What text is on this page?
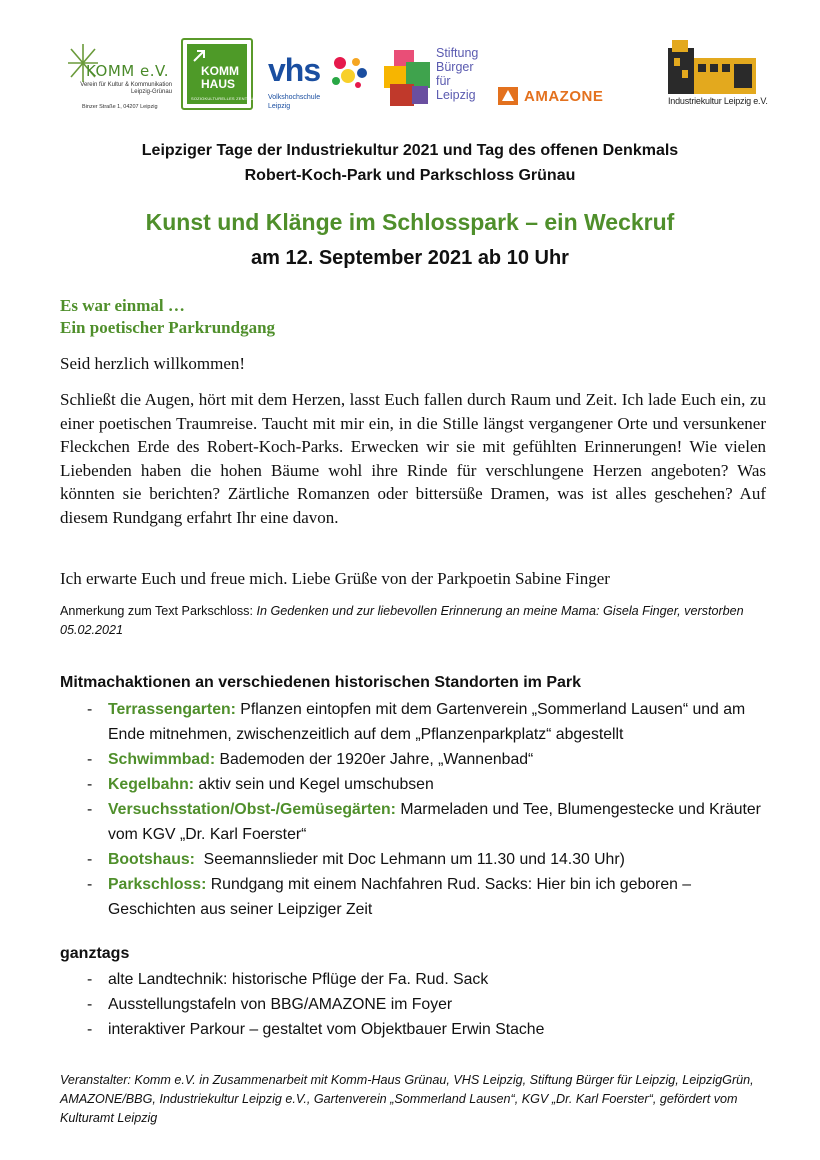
KOMM e.V.
Verein für Kultur & Kommunikation
Leipzig-Grünau
Binzer Straße 1, 04207 Leipzig
KOMM
HAUS
SOZIOKULTURELLES ZENTRUM
vhs
Volkshochschule
Leipzig
Stiftung
Bürger
für
Leipzig	AMAZONE	Industriekultur Leipzig e.V.
Leipziger Tage der Industriekultur 2021 und Tag des offenen Denkmals
Robert-Koch-Park und Parkschloss Grünau
Kunst und Klänge im Schlosspark – ein Weckruf
am 12. September 2021 ab 10 Uhr
Es war einmal …
Ein poetischer Parkrundgang
Seid herzlich willkommen!
Schließt die Augen, hört mit dem Herzen, lasst Euch fallen durch Raum und Zeit. Ich lade Euch ein, zu einer poetischen Traumreise. Taucht mit mir ein, in die Stille längst vergangener Orte und versunkener Fleckchen Erde des Robert-Koch-Parks. Erwecken wir sie mit gefühlten Erinnerungen! Wie vielen Liebenden haben die hohen Bäume wohl ihre Rinde für verschlungene Herzen angeboten? Was könnten sie berichten? Zärtliche Romanzen oder bittersüße Dramen, was ist alles geschehen? Auf diesem Rundgang erfahrt Ihr eine davon.
Ich erwarte Euch und freue mich. Liebe Grüße von der Parkpoetin Sabine Finger
Anmerkung zum Text Parkschloss: In Gedenken und zur liebevollen Erinnerung an meine Mama: Gisela Finger, verstorben 05.02.2021
Mitmachaktionen an verschiedenen historischen Standorten im Park
- Terrassengarten: Pflanzen eintopfen mit dem Gartenverein „Sommerland Lausen“ und am Ende mitnehmen, zwischenzeitlich auf dem „Pflanzenparkplatz“ abgestellt
- Schwimmbad: Bademoden der 1920er Jahre, „Wannenbad“
- Kegelbahn: aktiv sein und Kegel umschubsen
- Versuchsstation/Obst-/Gemüsegärten: Marmeladen und Tee, Blumengestecke und Kräuter vom KGV „Dr. Karl Foerster“
- Bootshaus:  Seemannslieder mit Doc Lehmann um 11.30 und 14.30 Uhr)
- Parkschloss: Rundgang mit einem Nachfahren Rud. Sacks: Hier bin ich geboren – Geschichten aus seiner Leipziger Zeit
ganztags
- alte Landtechnik: historische Pflüge der Fa. Rud. Sack
- Ausstellungstafeln von BBG/AMAZONE im Foyer
- interaktiver Parkour – gestaltet vom Objektbauer Erwin Stache
Veranstalter: Komm e.V. in Zusammenarbeit mit Komm-Haus Grünau, VHS Leipzig, Stiftung Bürger für Leipzig, LeipzigGrün, AMAZONE/BBG, Industriekultur Leipzig e.V., Gartenverein „Sommerland Lausen“, KGV „Dr. Karl Foerster“, gefördert vom Kulturamt Leipzig
